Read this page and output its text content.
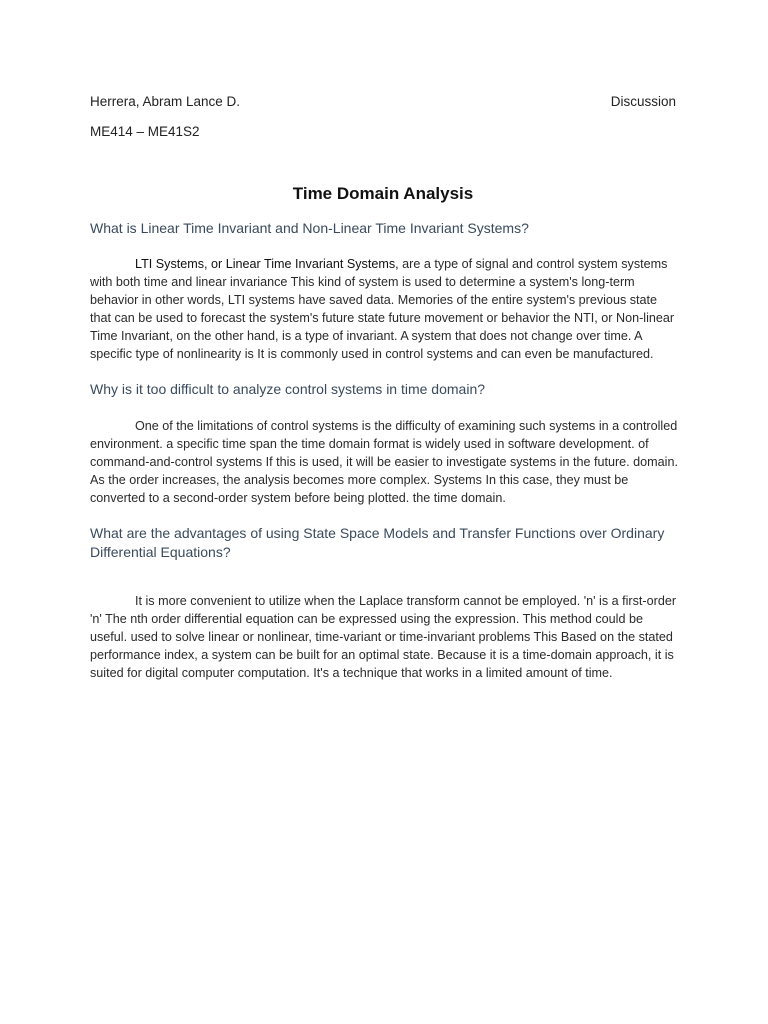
Herrera, Abram Lance D.	Discussion
ME414 – ME41S2
Time Domain Analysis
What is Linear Time Invariant and Non-Linear Time Invariant Systems?

LTI Systems, or Linear Time Invariant Systems, are a type of signal and control system systems with both time and linear invariance This kind of system is used to determine a system's long-term behavior in other words, LTI systems have saved data. Memories of the entire system's previous state that can be used to forecast the system's future state future movement or behavior the NTI, or Non-linear Time Invariant, on the other hand, is a type of invariant. A system that does not change over time. A specific type of nonlinearity is It is commonly used in control systems and can even be manufactured.

Why is it too difficult to analyze control systems in time domain?

One of the limitations of control systems is the difficulty of examining such systems in a controlled environment. a specific time span the time domain format is widely used in software development. of command-and-control systems If this is used, it will be easier to investigate systems in the future. domain. As the order increases, the analysis becomes more complex. Systems In this case, they must be converted to a second-order system before being plotted. the time domain.

What are the advantages of using State Space Models and Transfer Functions over Ordinary Differential Equations?

It is more convenient to utilize when the Laplace transform cannot be employed. 'n' is a first-order 'n' The nth order differential equation can be expressed using the expression. This method could be useful. used to solve linear or nonlinear, time-variant or time-invariant problems This Based on the stated performance index, a system can be built for an optimal state. Because it is a time-domain approach, it is suited for digital computer computation. It's a technique that works in a limited amount of time.
